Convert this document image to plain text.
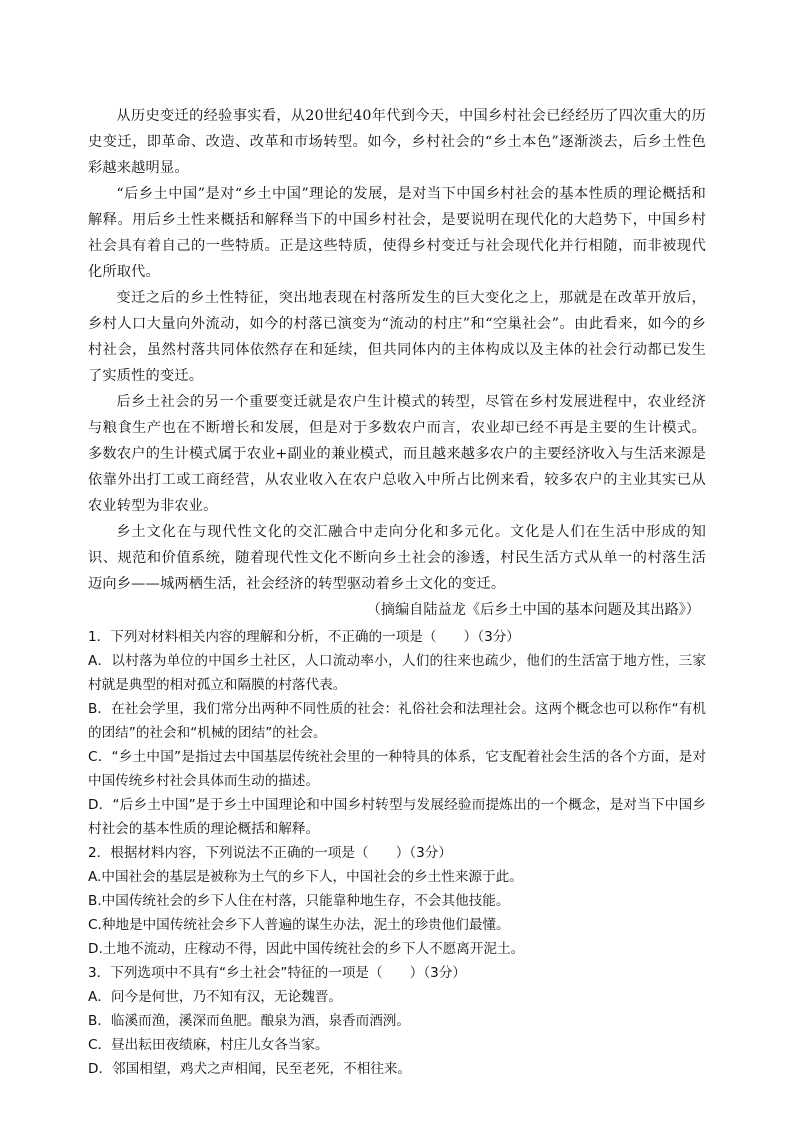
从历史变迁的经验事实看，从20世纪40年代到今天，中国乡村社会已经经历了四次重大的历史变迁，即革命、改造、改革和市场转型。如今，乡村社会的“乡土本色”逐渐淡去，后乡土性色彩越来越明显。

“后乡土中国”是对“乡土中国”理论的发展，是对当下中国乡村社会的基本性质的理论概括和解释。用后乡土性来概括和解释当下的中国乡村社会，是要说明在现代化的大趋势下，中国乡村社会具有着自己的一些特质。正是这些特质，使得乡村变迁与社会现代化并行相随，而非被现代化所取代。

变迁之后的乡土性特征，突出地表现在村落所发生的巨大变化之上，那就是在改革开放后，乡村人口大量向外流动，如今的村落已演变为“流动的村庄”和“空巢社会”。由此看来，如今的乡村社会，虽然村落共同体依然存在和延续，但共同体内的主体构成以及主体的社会行动都已发生了实质性的变迁。

后乡土社会的另一个重要变迁就是农户生计模式的转型，尽管在乡村发展进程中，农业经济与粮食生产也在不断增长和发展，但是对于多数农户而言，农业却已经不再是主要的生计模式。多数农户的生计模式属于农业+副业的兼业模式，而且越来越多农户的主要经济收入与生活来源是依靠外出打工或工商经营，从农业收入在农户总收入中所占比例来看，较多农户的主业其实已从农业转型为非农业。

乡土文化在与现代性文化的交汇融合中走向分化和多元化。文化是人们在生活中形成的知识、规范和价值系统，随着现代性文化不断向乡土社会的渗透，村民生活方式从单一的村落生活迈向乡——城两栖生活，社会经济的转型驱动着乡土文化的变迁。

（摘编自陆益龙《后乡土中国的基本问题及其出路》）

1．下列对材料相关内容的理解和分析，不正确的一项是（　　）（3分）

A．以村落为单位的中国乡土社区，人口流动率小，人们的往来也疏少，他们的生活富于地方性，三家村就是典型的相对孤立和隔膜的村落代表。

B．在社会学里，我们常分出两种不同性质的社会：礼俗社会和法理社会。这两个概念也可以称作“有机的团结”的社会和“机械的团结”的社会。

C．“乡土中国”是指过去中国基层传统社会里的一种特具的体系，它支配着社会生活的各个方面，是对中国传统乡村社会具体而生动的描述。

D．“后乡土中国”是于乡土中国理论和中国乡村转型与发展经验而提炼出的一个概念，是对当下中国乡村社会的基本性质的理论概括和解释。

2．根据材料内容，下列说法不正确的一项是（　　）（3分）

A.中国社会的基层是被称为土气的乡下人，中国社会的乡土性来源于此。

B.中国传统社会的乡下人住在村落，只能靠种地生存，不会其他技能。

C.种地是中国传统社会乡下人普遍的谋生办法，泥土的珍贵他们最懂。

D.土地不流动，庄稼动不得，因此中国传统社会的乡下人不愿离开泥土。

3．下列选项中不具有“乡土社会”特征的一项是（　　）（3分）

A．问今是何世，乃不知有汉，无论魏晋。

B．临溪而渔，溪深而鱼肥。酿泉为酒，泉香而酒洌。

C．昼出耘田夜绩麻，村庄儿女各当家。

D．邻国相望，鸡犬之声相闻，民至老死，不相往来。
